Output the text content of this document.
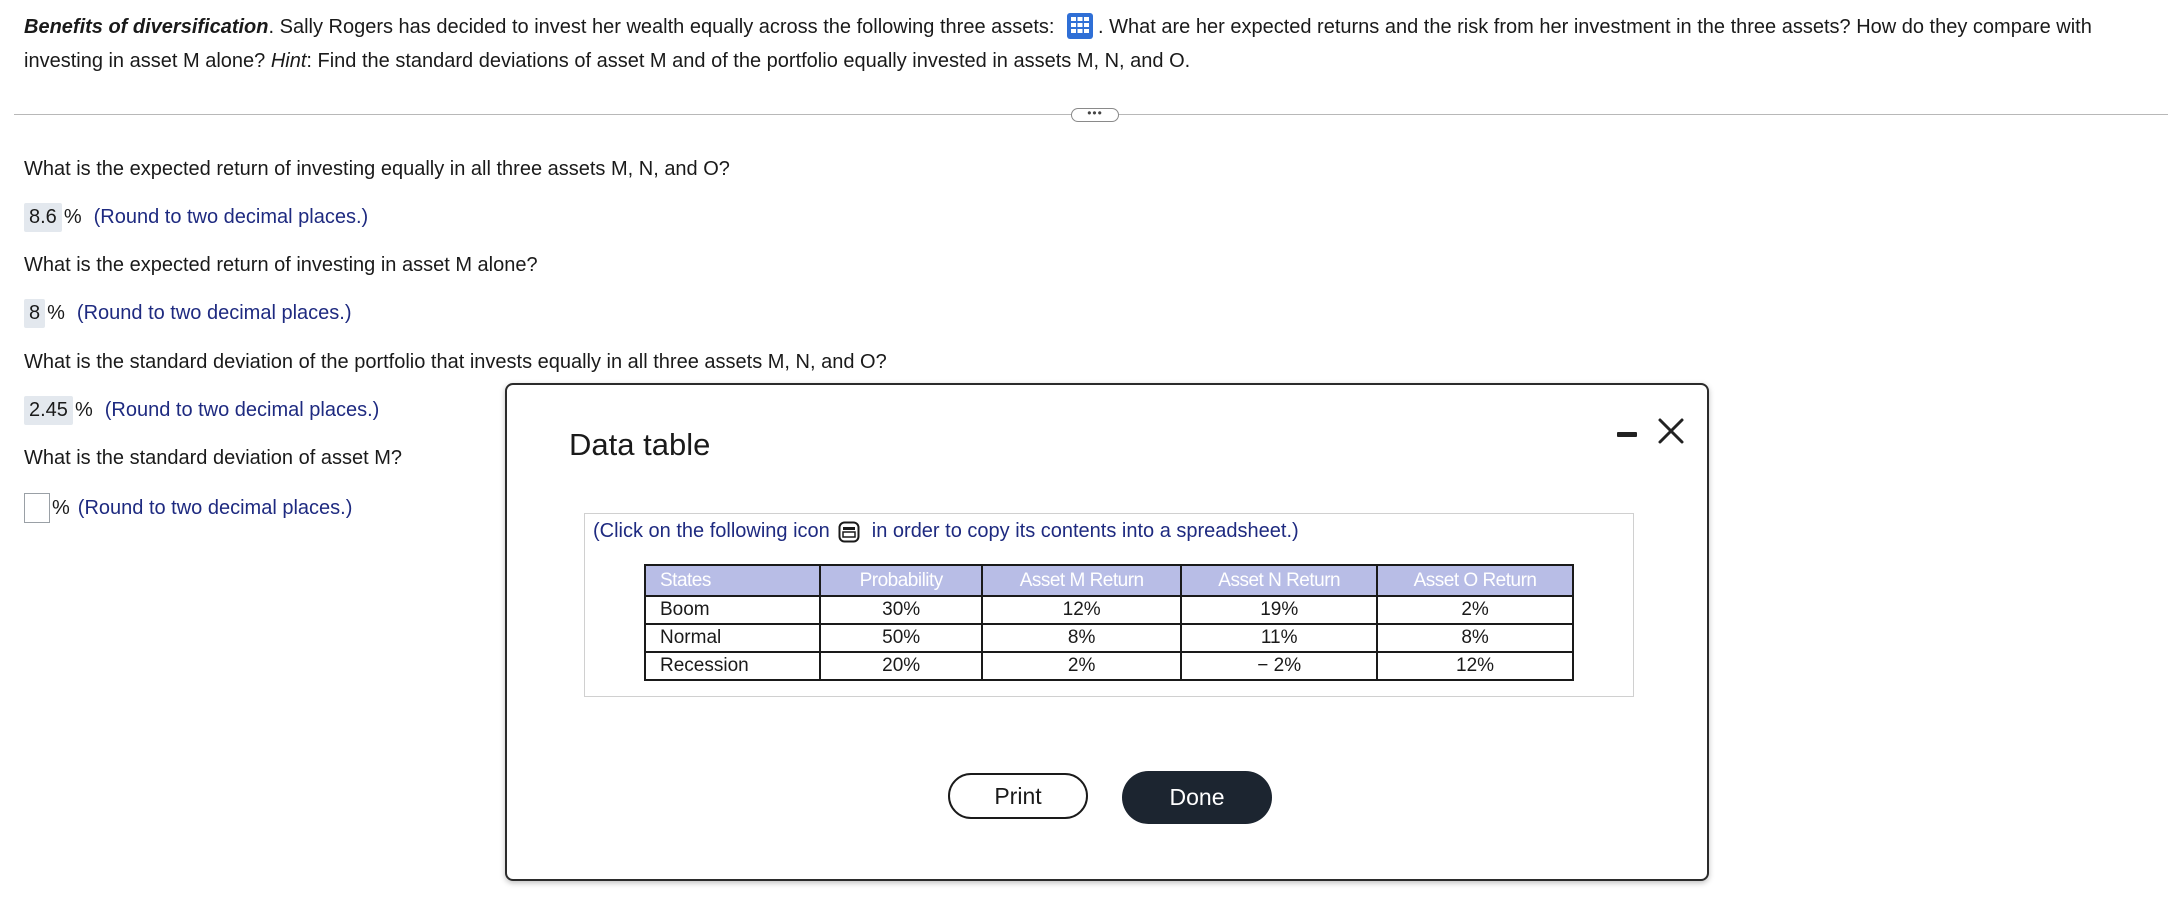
Benefits of diversification. Sally Rogers has decided to invest her wealth equally across the following three assets: . What are her expected returns and the risk from her investment in the three assets? How do they compare with investing in asset M alone? Hint: Find the standard deviations of asset M and of the portfolio equally invested in assets M, N, and O.
•••
What is the expected return of investing equally in all three assets M, N, and O?
8.6 % (Round to two decimal places.)
What is the expected return of investing in asset M alone?
8 % (Round to two decimal places.)
What is the standard deviation of the portfolio that invests equally in all three assets M, N, and O?
2.45 % (Round to two decimal places.)
What is the standard deviation of asset M?
% (Round to two decimal places.)
Data table
(Click on the following icon in order to copy its contents into a spreadsheet.)
States	Probability	Asset M Return	Asset N Return	Asset O Return
Boom	30%	12%	19%	2%
Normal	50%	8%	11%	8%
Recession	20%	2%	− 2%	12%
Print	Done
